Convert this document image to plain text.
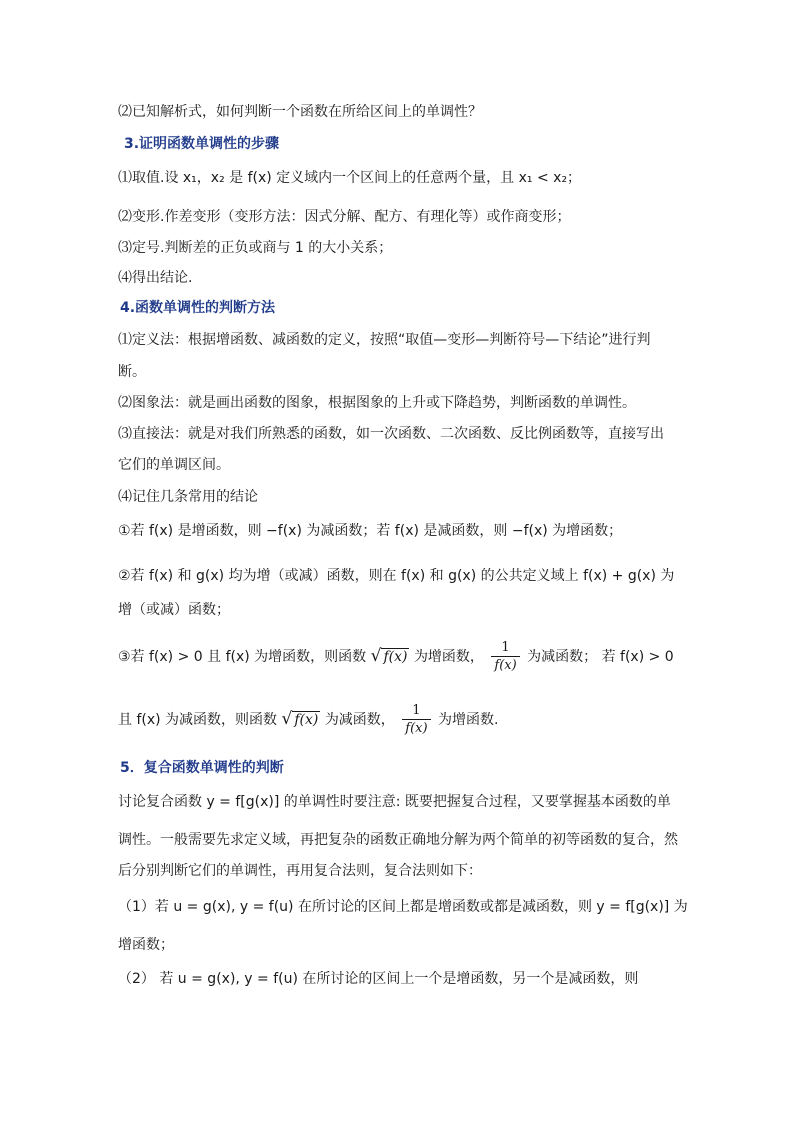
⑵已知解析式，如何判断一个函数在所给区间上的单调性？
3.证明函数单调性的步骤
⑴取值.设 x₁，x₂ 是 f(x) 定义域内一个区间上的任意两个量，且 x₁ < x₂；
⑵变形.作差变形（变形方法：因式分解、配方、有理化等）或作商变形；
⑶定号.判断差的正负或商与 1 的大小关系；
⑷得出结论.
4.函数单调性的判断方法
⑴定义法：根据增函数、减函数的定义，按照“取值—变形—判断符号—下结论”进行判
断。
⑵图象法：就是画出函数的图象，根据图象的上升或下降趋势，判断函数的单调性。
⑶直接法：就是对我们所熟悉的函数，如一次函数、二次函数、反比例函数等，直接写出
它们的单调区间。
⑷记住几条常用的结论
①若 f(x) 是增函数，则 −f(x) 为减函数；若 f(x) 是减函数，则 −f(x) 为增函数；
②若 f(x) 和 g(x) 均为增（或减）函数，则在 f(x) 和 g(x) 的公共定义域上 f(x) + g(x) 为
增（或减）函数；
③若 f(x) > 0 且 f(x) 为增函数，则函数 √ f(x) 为增函数， $\frac{1}{f(x)}$ 为减函数； 若 f(x) > 0
且 f(x) 为减函数，则函数 √ f(x) 为减函数， $\frac{1}{f(x)}$ 为增函数.
5．复合函数单调性的判断
讨论复合函数 y = f[g(x)] 的单调性时要注意: 既要把握复合过程，又要掌握基本函数的单
调性。一般需要先求定义域，再把复杂的函数正确地分解为两个简单的初等函数的复合，然
后分别判断它们的单调性，再用复合法则，复合法则如下：
（1）若 u = g(x), y = f(u) 在所讨论的区间上都是增函数或都是减函数，则 y = f[g(x)] 为
增函数；
（2） 若 u = g(x), y = f(u) 在所讨论的区间上一个是增函数，另一个是减函数，则
